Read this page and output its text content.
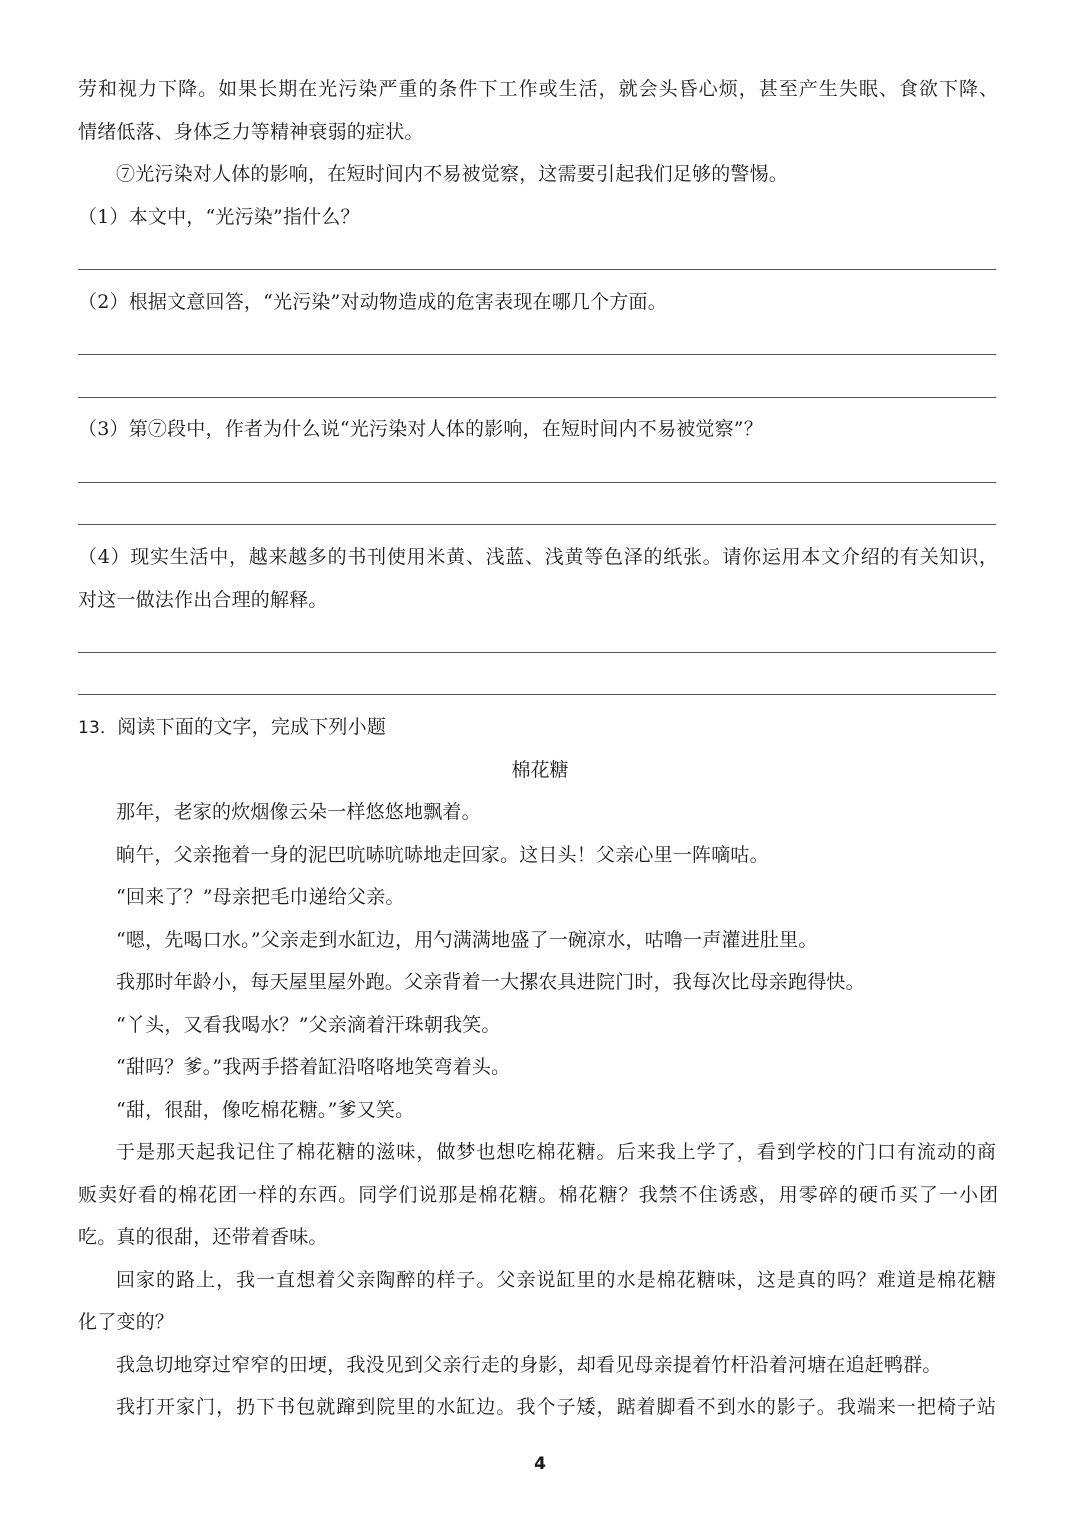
劳和视力下降。如果长期在光污染严重的条件下工作或生活，就会头昏心烦，甚至产生失眠、食欲下降、
情绪低落、身体乏力等精神衰弱的症状。
⑦光污染对人体的影响，在短时间内不易被觉察，这需要引起我们足够的警惕。
（1）本文中，“光污染”指什么？
（2）根据文意回答，“光污染”对动物造成的危害表现在哪几个方面。
（3）第⑦段中，作者为什么说“光污染对人体的影响，在短时间内不易被觉察”？
（4）现实生活中，越来越多的书刊使用米黄、浅蓝、浅黄等色泽的纸张。请你运用本文介绍的有关知识，
对这一做法作出合理的解释。
13．阅读下面的文字，完成下列小题
棉花糖
那年，老家的炊烟像云朵一样悠悠地飘着。
晌午，父亲拖着一身的泥巴吭哧吭哧地走回家。这日头！父亲心里一阵嘀咕。
“回来了？”母亲把毛巾递给父亲。
“嗯，先喝口水。”父亲走到水缸边，用勺满满地盛了一碗凉水，咕噜一声灌进肚里。
我那时年龄小，每天屋里屋外跑。父亲背着一大摞农具进院门时，我每次比母亲跑得快。
“丫头，又看我喝水？”父亲滴着汗珠朝我笑。
“甜吗？爹。”我两手搭着缸沿咯咯地笑弯着头。
“甜，很甜，像吃棉花糖。”爹又笑。
于是那天起我记住了棉花糖的滋味，做梦也想吃棉花糖。后来我上学了，看到学校的门口有流动的商
贩卖好看的棉花团一样的东西。同学们说那是棉花糖。棉花糖？我禁不住诱惑，用零碎的硬币买了一小团
吃。真的很甜，还带着香味。
回家的路上，我一直想着父亲陶醉的样子。父亲说缸里的水是棉花糖味，这是真的吗？难道是棉花糖
化了变的？
我急切地穿过窄窄的田埂，我没见到父亲行走的身影，却看见母亲提着竹杆沿着河塘在追赶鸭群。
我打开家门，扔下书包就蹿到院里的水缸边。我个子矮，踮着脚看不到水的影子。我端来一把椅子站
4
